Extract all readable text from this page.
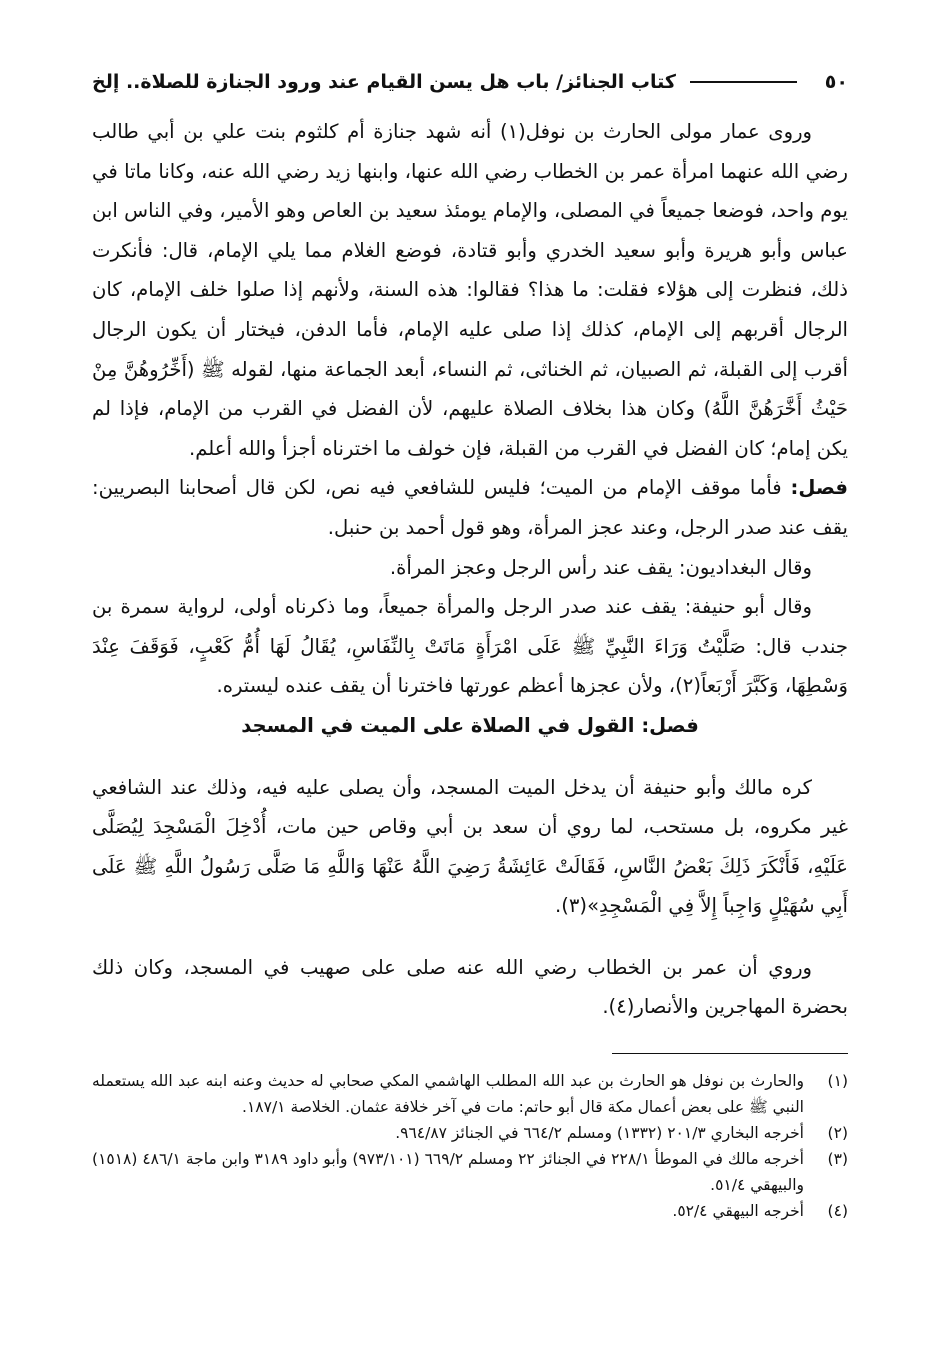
٥٠
كتاب الجنائز/ باب هل يسن القيام عند ورود الجنازة للصلاة.. إلخ

وروى عمار مولى الحارث بن نوفل(١) أنه شهد جنازة أم كلثوم بنت علي بن أبي طالب رضي الله عنهما امرأة عمر بن الخطاب رضي الله عنها، وابنها زيد رضي الله عنه، وكانا ماتا في يوم واحد، فوضعا جميعاً في المصلى، والإمام يومئذ سعيد بن العاص وهو الأمير، وفي الناس ابن عباس وأبو هريرة وأبو سعيد الخدري وأبو قتادة، فوضع الغلام مما يلي الإمام، قال: فأنكرت ذلك، فنظرت إلى هؤلاء فقلت: ما هذا؟ فقالوا: هذه السنة، ولأنهم إذا صلوا خلف الإمام، كان الرجال أقربهم إلى الإمام، كذلك إذا صلى عليه الإمام، فأما الدفن، فيختار أن يكون الرجال أقرب إلى القبلة، ثم الصبيان، ثم الخناثى، ثم النساء، أبعد الجماعة منها، لقوله ﷺ (أَخِّرُوهُنَّ مِنْ حَيْثُ أَخَّرَهُنَّ اللَّهُ) وكان هذا بخلاف الصلاة عليهم، لأن الفضل في القرب من الإمام، فإذا لم يكن إمام؛ كان الفضل في القرب من القبلة، فإن خولف ما اخترناه أجزأ والله أعلم.

فصل: فأما موقف الإمام من الميت؛ فليس للشافعي فيه نص، لكن قال أصحابنا البصريين: يقف عند صدر الرجل، وعند عجز المرأة، وهو قول أحمد بن حنبل.

وقال البغداديون: يقف عند رأس الرجل وعجز المرأة.

وقال أبو حنيفة: يقف عند صدر الرجل والمرأة جميعاً، وما ذكرناه أولى، لرواية سمرة بن جندب قال: صَلَّيْتُ وَرَاءَ النَّبِيِّ ﷺ عَلَى امْرَأَةٍ مَاتَتْ بِالنِّفَاسِ، يُقَالُ لَهَا أُمُّ كَعْبٍ، فَوَقَفَ عِنْدَ وَسْطِهَا، وَكَبَّرَ أَرْبَعاً(٢)، ولأن عجزها أعظم عورتها فاخترنا أن يقف عنده ليستره.

فصل: القول في الصلاة على الميت في المسجد

كره مالك وأبو حنيفة أن يدخل الميت المسجد، وأن يصلى عليه فيه، وذلك عند الشافعي غير مكروه، بل مستحب، لما روي أن سعد بن أبي وقاص حين مات، أُدْخِلَ الْمَسْجِدَ لِيُصَلَّى عَلَيْهِ، فَأَنْكَرَ ذَلِكَ بَعْضُ النَّاسِ، فَقَالَتْ عَائِشَةُ رَضِيَ اللَّهُ عَنْهَا وَاللَّهِ مَا صَلَّى رَسُولُ اللَّهِ ﷺ عَلَى أَبِي سُهَيْلٍ وَاجِباً إِلاَّ فِي الْمَسْجِدِ»(٣).

وروي أن عمر بن الخطاب رضي الله عنه صلى على صهيب في المسجد، وكان ذلك بحضرة المهاجرين والأنصار(٤).

(١)
والحارث بن نوفل هو الحارث بن عبد الله المطلب الهاشمي المكي صحابي له حديث وعنه ابنه عبد الله يستعمله النبي ﷺ على بعض أعمال مكة قال أبو حاتم: مات في آخر خلافة عثمان. الخلاصة ١٨٧/١.
(٢)
أخرجه البخاري ٢٠١/٣ (١٣٣٢) ومسلم ٦٦٤/٢ في الجنائز ٩٦٤/٨٧.
(٣)
أخرجه مالك في الموطأ ٢٢٨/١ في الجنائز ٢٢ ومسلم ٦٦٩/٢ (٩٧٣/١٠١) وأبو داود ٣١٨٩ وابن ماجة ٤٨٦/١ (١٥١٨) والبيهقي ٥١/٤.
(٤)
أخرجه البيهقي ٥٢/٤.
